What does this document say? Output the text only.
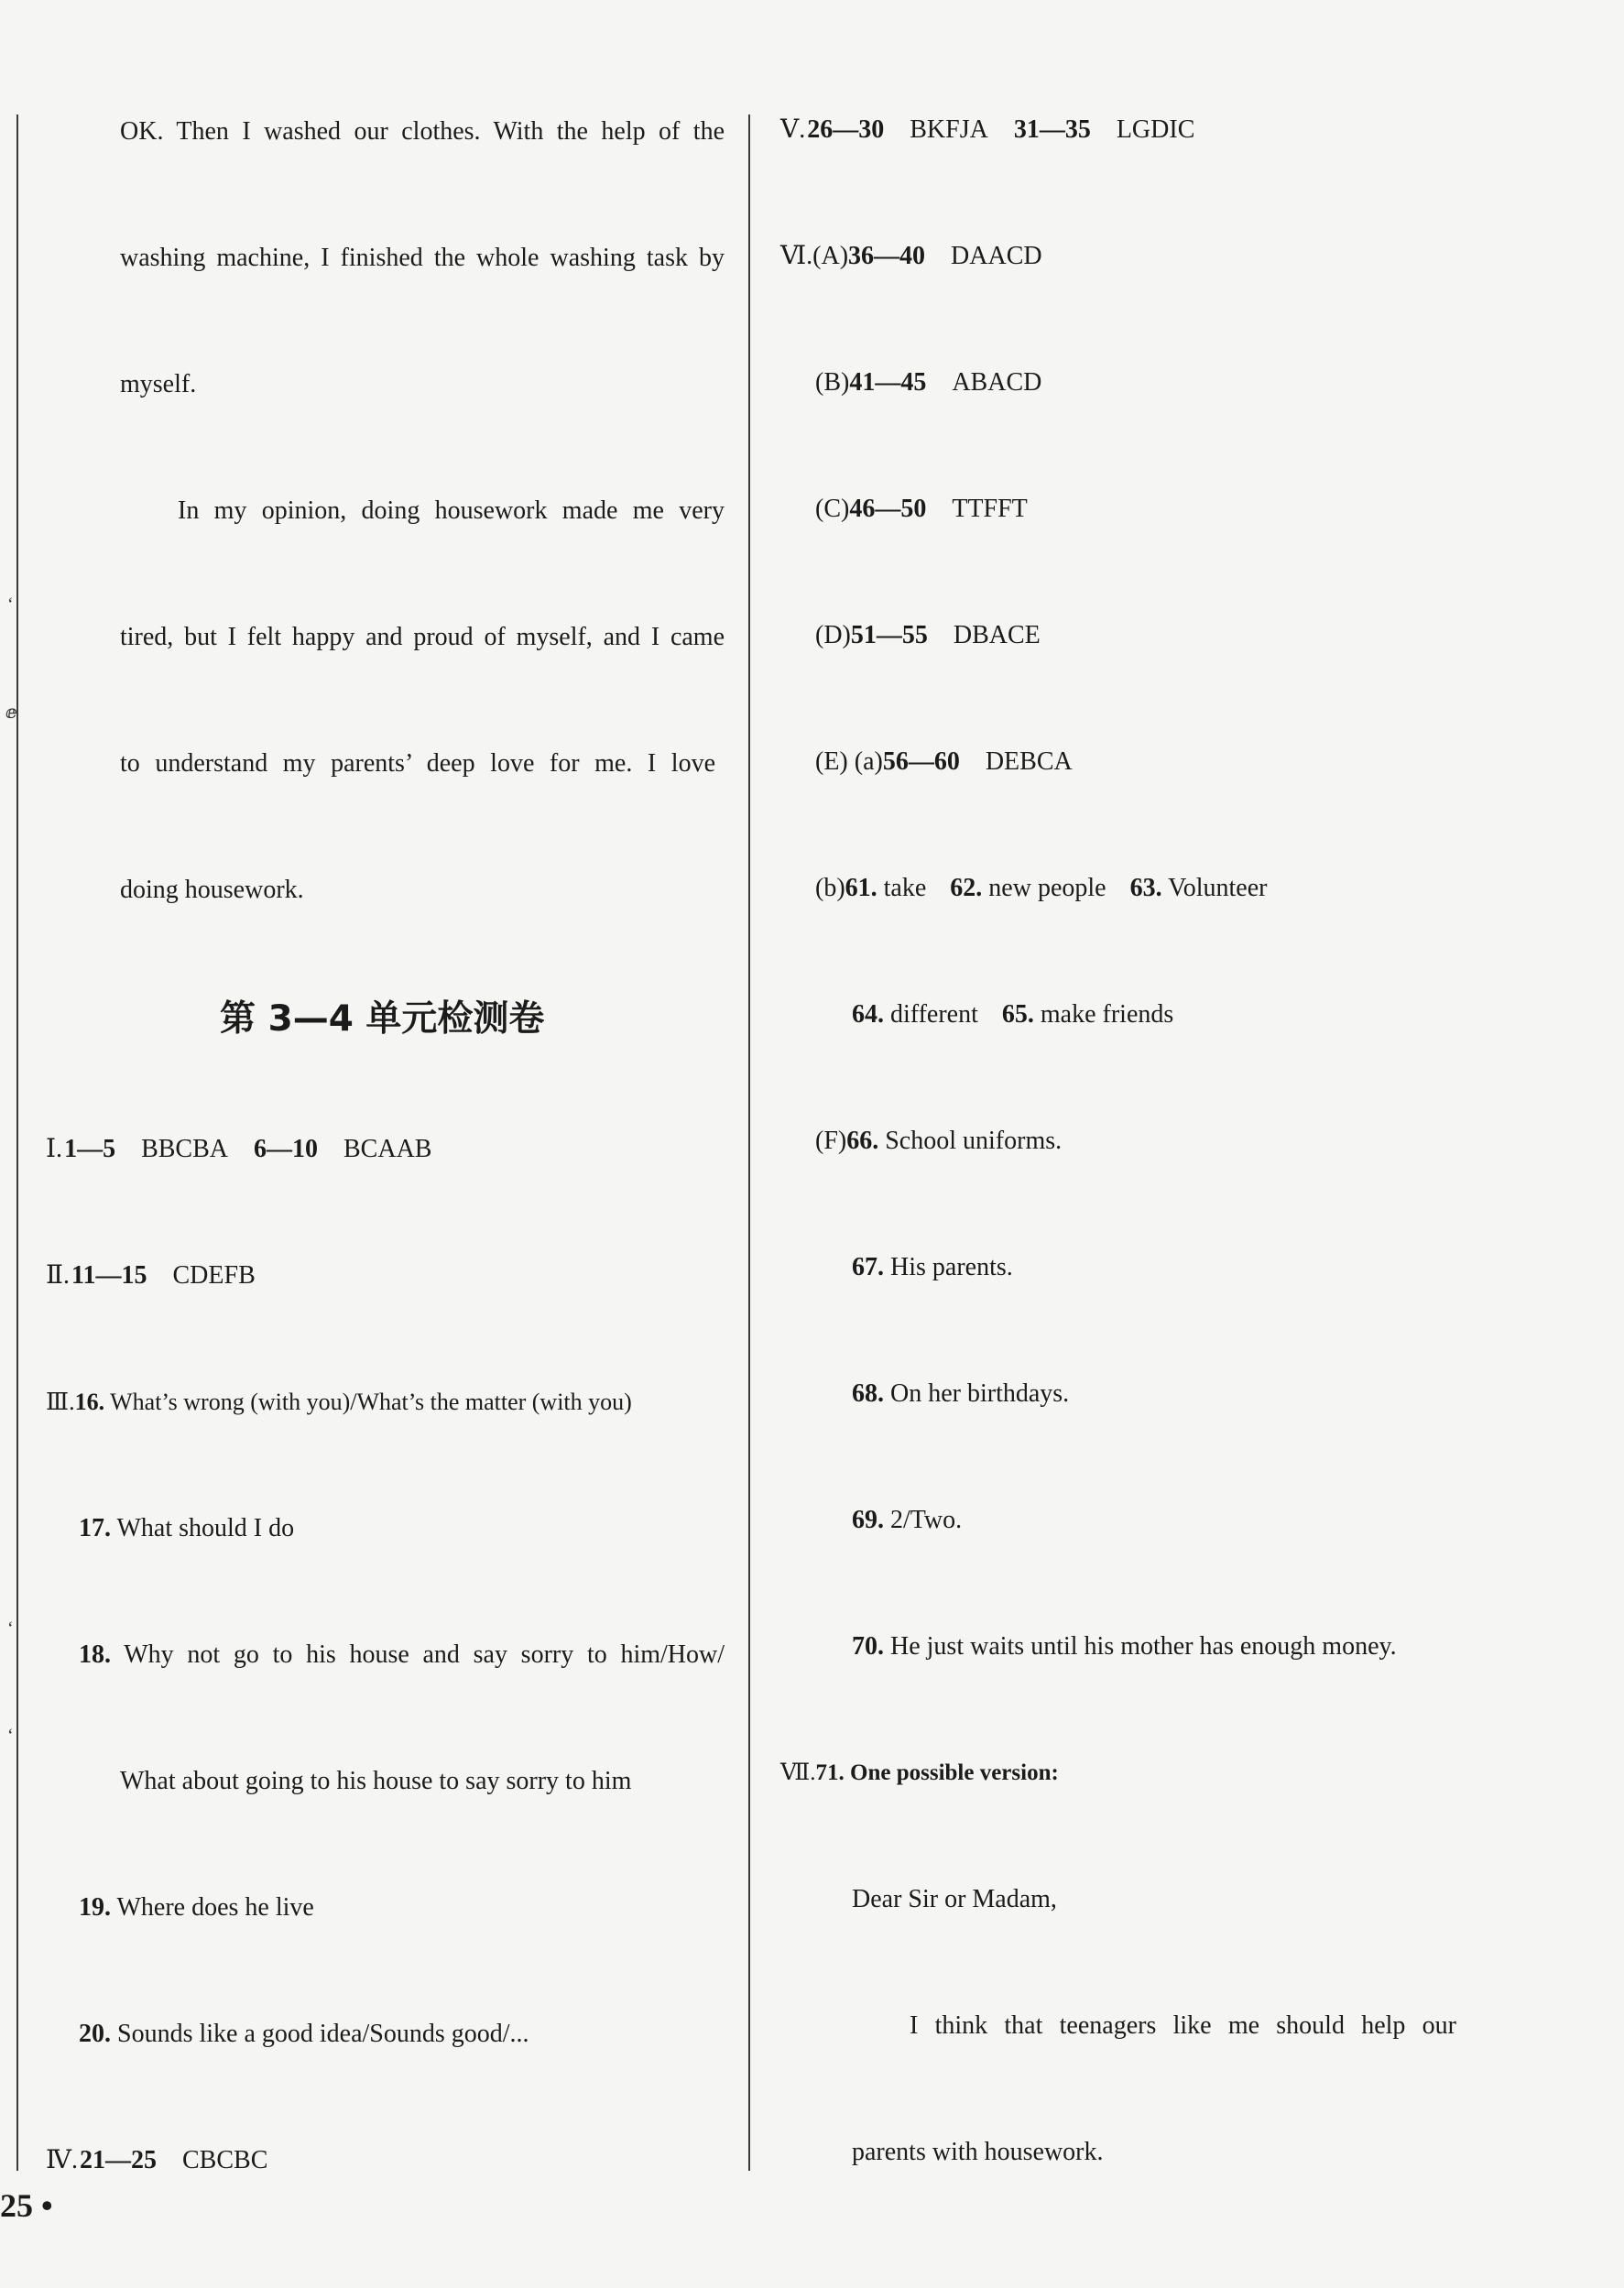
‘
ⅇ
‘
‘
OK. Then I washed our clothes. With the help of the
washing machine, I finished the whole washing task by
myself.
In my opinion, doing housework made me very
tired, but I felt happy and proud of myself, and I came
to understand my parents’ deep love for me. I love
doing housework.
第 3—4 单元检测卷
Ⅰ.1—5 BBCBA 6—10 BCAAB
Ⅱ.11—15 CDEFB
Ⅲ.16. What’s wrong (with you)/What’s the matter (with you)
17. What should I do
18. Why not go to his house and say sorry to him/How/
What about going to his house to say sorry to him
19. Where does he live
20. Sounds like a good idea/Sounds good/...
Ⅳ.21—25 CBCBC
Ⅴ.26—30 BKFJA 31—35 LGDIC
Ⅵ.(A)36—40 DAACD
(B)41—45 ABACD
(C)46—50 TTFFT
(D)51—55 DBACE
(E) (a)56—60 DEBCA
(b)61. take 62. new people 63. Volunteer
64. different 65. make friends
(F)66. School uniforms.
67. His parents.
68. On her birthdays.
69. 2/Two.
70. He just waits until his mother has enough money.
Ⅶ.71. One possible version:
Dear Sir or Madam,
I think that teenagers like me should help our
parents with housework.
25 •
